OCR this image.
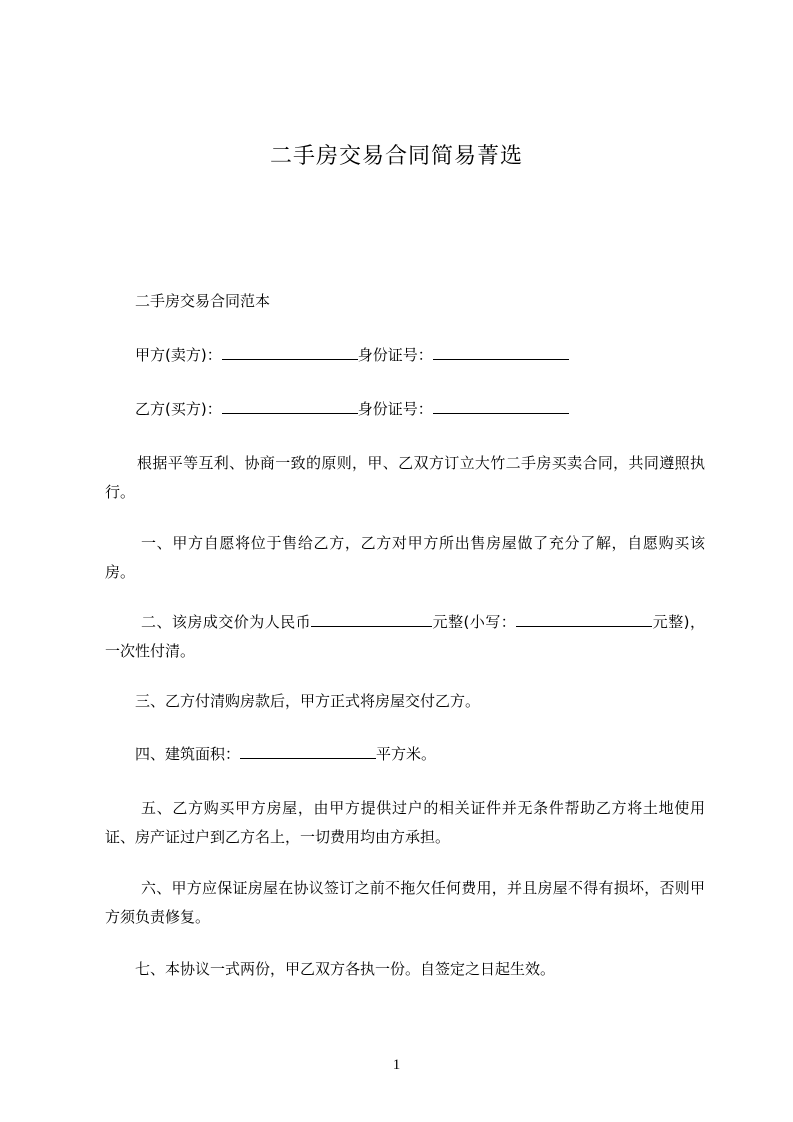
二手房交易合同简易菁选

二手房交易合同范本

甲方(卖方)：	身份证号：

乙方(买方)：	身份证号：

根据平等互利、协商一致的原则，甲、乙双方订立大竹二手房买卖合同，共同遵照执行。

一、甲方自愿将位于售给乙方，乙方对甲方所出售房屋做了充分了解，自愿购买该房。

二、该房成交价为人民币	元整(小写：	元整)，一次性付清。

三、乙方付清购房款后，甲方正式将房屋交付乙方。

四、建筑面积：	平方米。

五、乙方购买甲方房屋，由甲方提供过户的相关证件并无条件帮助乙方将土地使用证、房产证过户到乙方名上，一切费用均由方承担。

六、甲方应保证房屋在协议签订之前不拖欠任何费用，并且房屋不得有损坏，否则甲方须负责修复。

七、本协议一式两份，甲乙双方各执一份。自签定之日起生效。

1
